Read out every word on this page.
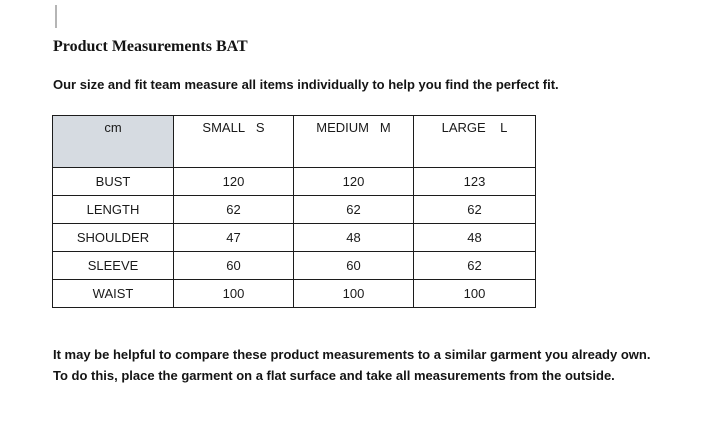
Product Measurements BAT

Our size and fit team measure all items individually to help you find the perfect fit.

cm	SMALL   S	MEDIUM   M	LARGE    L
BUST	120	120	123
LENGTH	62	62	62
SHOULDER	47	48	48
SLEEVE	60	60	62
WAIST	100	100	100

It may be helpful to compare these product measurements to a similar garment you already own.
To do this, place the garment on a flat surface and take all measurements from the outside.
